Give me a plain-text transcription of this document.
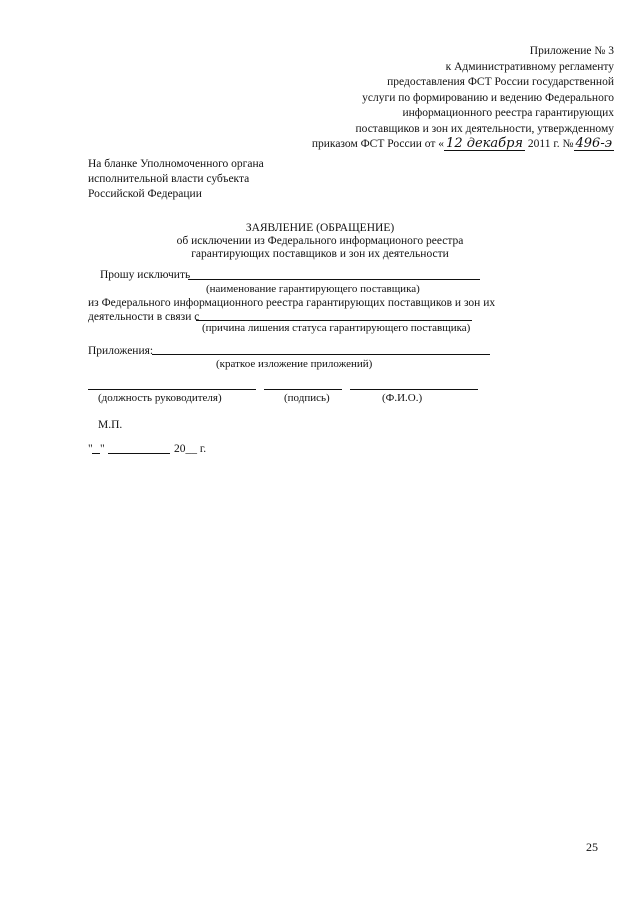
Приложение № 3
к Административному регламенту
предоставления ФСТ России государственной
услуги по формированию и ведению Федерального
информационного реестра гарантирующих
поставщиков и зон их деятельности, утвержденному
приказом ФСТ России от « 12 декабря 2011 г. № 496-э
На бланке Уполномоченного органа
исполнительной власти субъекта
Российской Федерации
ЗАЯВЛЕНИЕ (ОБРАЩЕНИЕ)
об исключении из Федерального информационого реестра
гарантирующих поставщиков и зон их деятельности
Прошу исключить
(наименование гарантирующего поставщика)
из Федерального информационного реестра гарантирующих поставщиков и зон их
деятельности в связи с
(причина лишения статуса гарантирующего поставщика)
Приложения:
(краткое изложение приложений)
(должность руководителя)	(подпись)	(Ф.И.О.)
М.П.
" "	20__ г.
25
